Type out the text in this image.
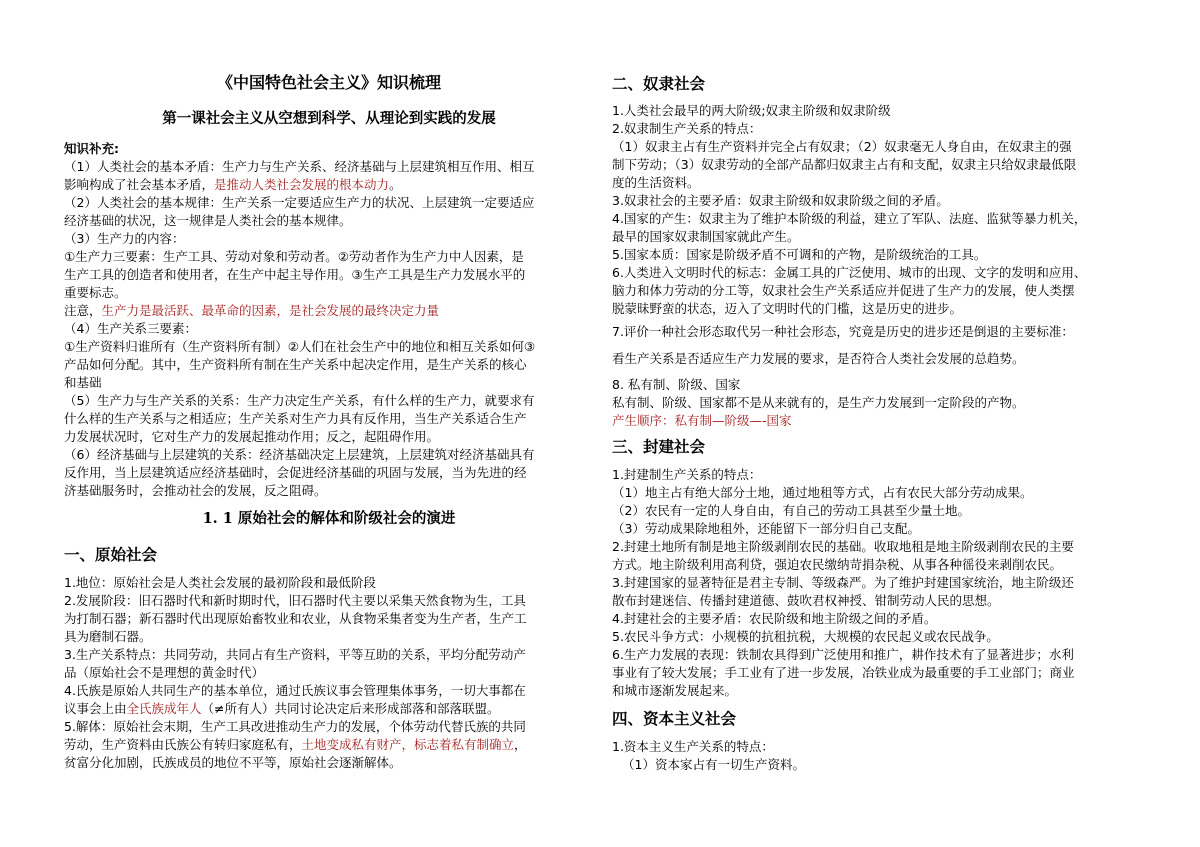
《中国特色社会主义》知识梳理
第一课社会主义从空想到科学、从理论到实践的发展
知识补充:
（1）人类社会的基本矛盾：生产力与生产关系、经济基础与上层建筑相互作用、相互
影响构成了社会基本矛盾，是推动人类社会发展的根本动力。
（2）人类社会的基本规律：生产关系一定要适应生产力的状况、上层建筑一定要适应
经济基础的状况，这一规律是人类社会的基本规律。
（3）生产力的内容：
①生产力三要素：生产工具、劳动对象和劳动者。②劳动者作为生产力中人因素，是
生产工具的创造者和使用者，在生产中起主导作用。③生产工具是生产力发展水平的
重要标志。
注意，生产力是最活跃、最革命的因素，是社会发展的最终决定力量
（4）生产关系三要素：
①生产资料归谁所有（生产资料所有制）②人们在社会生产中的地位和相互关系如何③
产品如何分配。其中，生产资料所有制在生产关系中起决定作用，是生产关系的核心
和基础
（5）生产力与生产关系的关系：生产力决定生产关系，有什么样的生产力，就要求有
什么样的生产关系与之相适应；生产关系对生产力具有反作用，当生产关系适合生产
力发展状况时，它对生产力的发展起推动作用；反之，起阻碍作用。
（6）经济基础与上层建筑的关系：经济基础决定上层建筑，上层建筑对经济基础具有
反作用，当上层建筑适应经济基础时，会促进经济基础的巩固与发展，当为先进的经
济基础服务时，会推动社会的发展，反之阻碍。
1. 1 原始社会的解体和阶级社会的演进
一、原始社会
1.地位：原始社会是人类社会发展的最初阶段和最低阶段
2.发展阶段：旧石器时代和新时期时代，旧石器时代主要以采集天然食物为生，工具
为打制石器；新石器时代出现原始畜牧业和农业，从食物采集者变为生产者，生产工
具为磨制石器。
3.生产关系特点：共同劳动，共同占有生产资料，平等互助的关系，平均分配劳动产
品（原始社会不是理想的黄金时代）
4.氏族是原始人共同生产的基本单位，通过氏族议事会管理集体事务，一切大事都在
议事会上由全氏族成年人（≠所有人）共同讨论决定后来形成部落和部落联盟。
5.解体：原始社会末期，生产工具改进推动生产力的发展，个体劳动代替氏族的共同
劳动，生产资料由氏族公有转归家庭私有，土地变成私有财产，标志着私有制确立，
贫富分化加剧，氏族成员的地位不平等，原始社会逐渐解体。
二、奴隶社会
1.人类社会最早的两大阶级;奴隶主阶级和奴隶阶级
2.奴隶制生产关系的特点：
（1）奴隶主占有生产资料并完全占有奴隶；（2）奴隶毫无人身自由，在奴隶主的强
制下劳动；（3）奴隶劳动的全部产品都归奴隶主占有和支配，奴隶主只给奴隶最低限
度的生活资料。
3.奴隶社会的主要矛盾：奴隶主阶级和奴隶阶级之间的矛盾。
4.国家的产生：奴隶主为了维护本阶级的利益，建立了军队、法庭、监狱等暴力机关，
最早的国家奴隶制国家就此产生。
5.国家本质：国家是阶级矛盾不可调和的产物，是阶级统治的工具。
6.人类进入文明时代的标志：金属工具的广泛使用、城市的出现、文字的发明和应用、
脑力和体力劳动的分工等，奴隶社会生产关系适应并促进了生产力的发展，使人类摆
脱蒙昧野蛮的状态，迈入了文明时代的门槛，这是历史的进步。
7.评价一种社会形态取代另一种社会形态，究竟是历史的进步还是倒退的主要标准：
看生产关系是否适应生产力发展的要求，是否符合人类社会发展的总趋势。
8. 私有制、阶级、国家
私有制、阶级、国家都不是从来就有的，是生产力发展到一定阶段的产物。
产生顺序：私有制—阶级—-国家
三、封建社会
1.封建制生产关系的特点：
（1）地主占有绝大部分土地，通过地租等方式，占有农民大部分劳动成果。
（2）农民有一定的人身自由，有自己的劳动工具甚至少量土地。
（3）劳动成果除地租外，还能留下一部分归自己支配。
2.封建土地所有制是地主阶级剥削农民的基础。收取地租是地主阶级剥削农民的主要
方式。地主阶级利用高利贷，强迫农民缴纳苛捐杂税、从事各种徭役来剥削农民。
3.封建国家的显著特征是君主专制、等级森严。为了维护封建国家统治，地主阶级还
散布封建迷信、传播封建道德、鼓吹君权神授、钳制劳动人民的思想。
4.封建社会的主要矛盾：农民阶级和地主阶级之间的矛盾。
5.农民斗争方式：小规模的抗租抗税，大规模的农民起义或农民战争。
6.生产力发展的表现：铁制农具得到广泛使用和推广，耕作技术有了显著进步；水利
事业有了较大发展；手工业有了进一步发展，冶铁业成为最重要的手工业部门；商业
和城市逐渐发展起来。
四、资本主义社会
1.资本主义生产关系的特点：
（1）资本家占有一切生产资料。
